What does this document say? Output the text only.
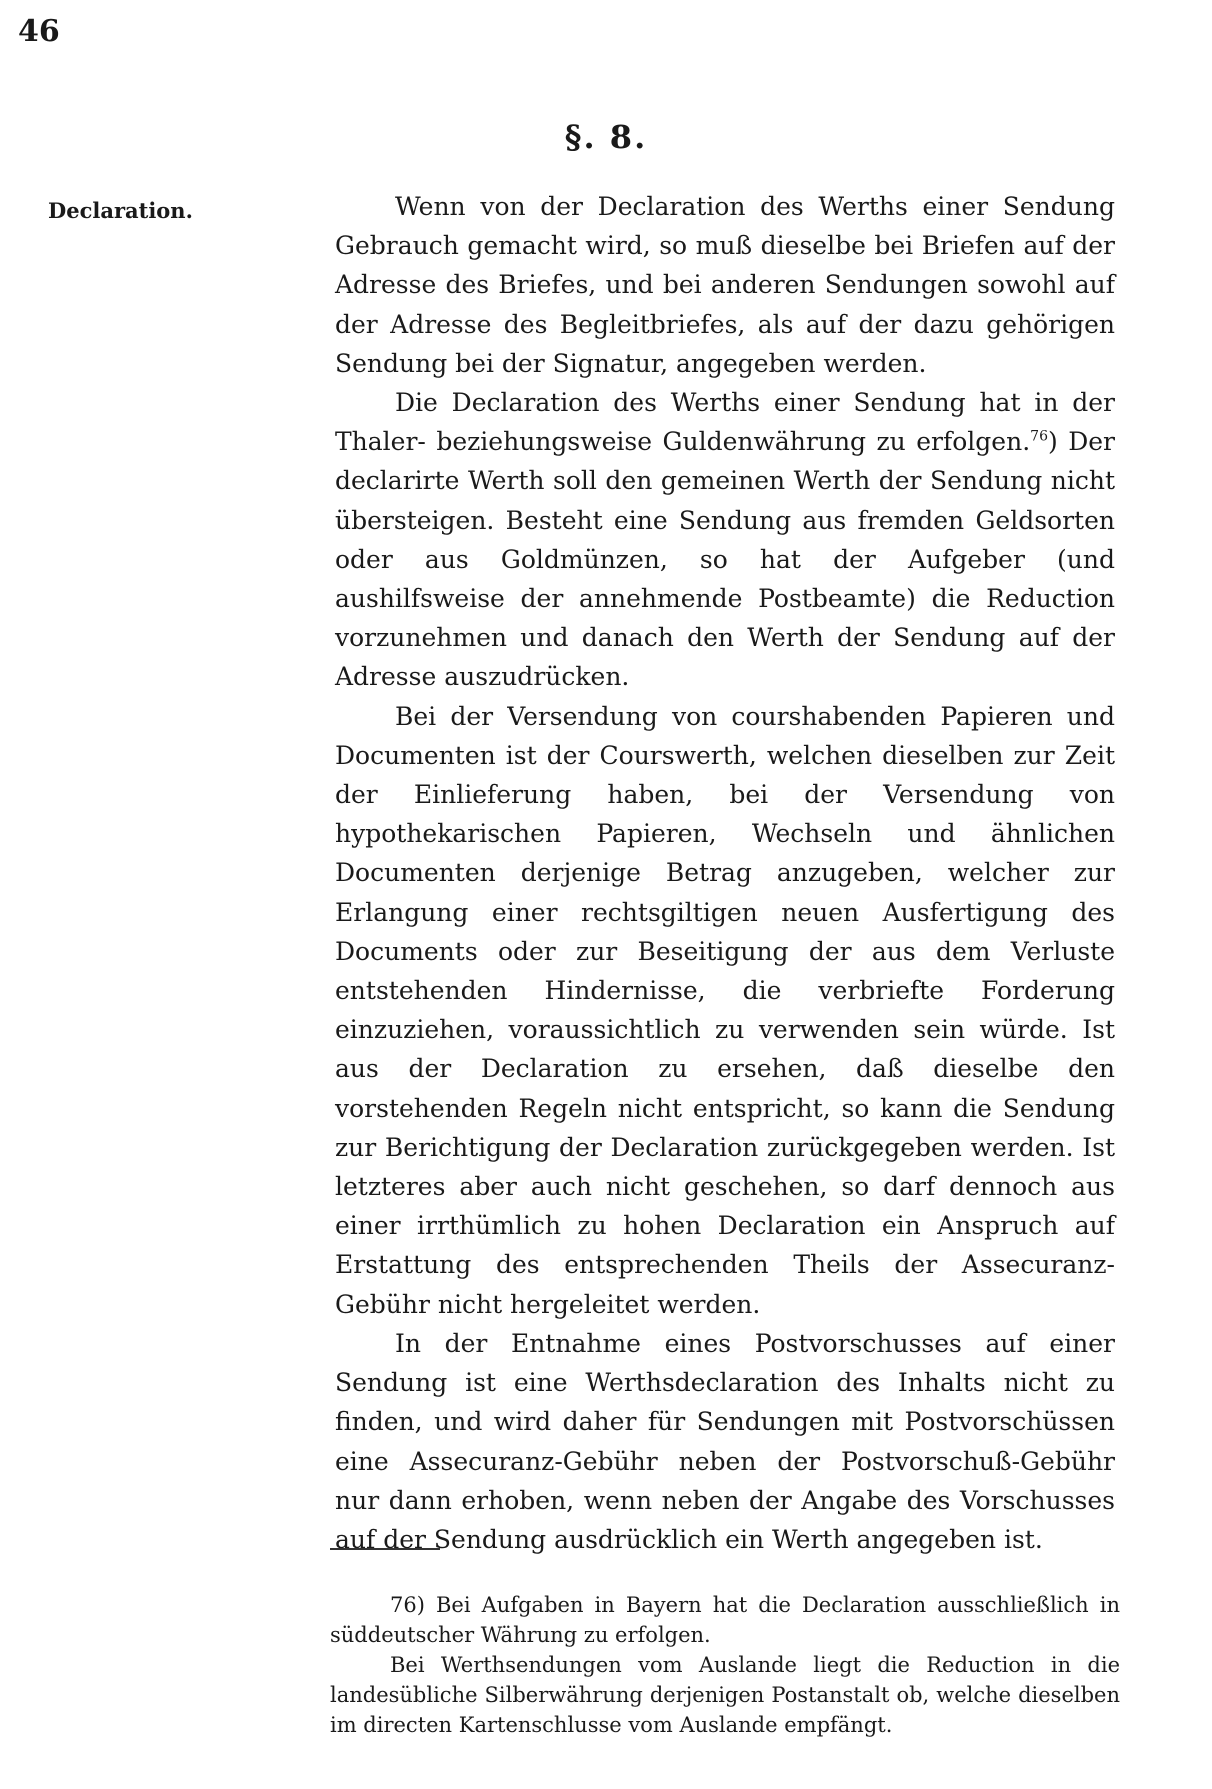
46
§. 8.
Declaration.	Wenn von der Declaration des Werths einer Sendung Gebrauch gemacht wird, so muß dieselbe bei Briefen auf der Adresse des Briefes, und bei anderen Sendungen sowohl auf der Adresse des Begleitbriefes, als auf der dazu gehörigen Sendung bei der Signatur, angegeben werden.

Die Declaration des Werths einer Sendung hat in der Thaler- beziehungsweise Guldenwährung zu erfolgen.$^{76}$) Der declarirte Werth soll den gemeinen Werth der Sendung nicht übersteigen. Besteht eine Sendung aus fremden Geldsorten oder aus Goldmünzen, so hat der Aufgeber (und aushilfsweise der annehmende Postbeamte) die Reduction vorzunehmen und danach den Werth der Sendung auf der Adresse auszudrücken.

Bei der Versendung von courshabenden Papieren und Documenten ist der Courswerth, welchen dieselben zur Zeit der Einlieferung haben, bei der Versendung von hypothekarischen Papieren, Wechseln und ähnlichen Documenten derjenige Betrag anzugeben, welcher zur Erlangung einer rechtsgiltigen neuen Ausfertigung des Documents oder zur Beseitigung der aus dem Verluste entstehenden Hindernisse, die verbriefte Forderung einzuziehen, voraussichtlich zu verwenden sein würde. Ist aus der Declaration zu ersehen, daß dieselbe den vorstehenden Regeln nicht entspricht, so kann die Sendung zur Berichtigung der Declaration zurückgegeben werden. Ist letzteres aber auch nicht geschehen, so darf dennoch aus einer irrthümlich zu hohen Declaration ein Anspruch auf Erstattung des entsprechenden Theils der Assecuranz-Gebühr nicht hergeleitet werden.

In der Entnahme eines Postvorschusses auf einer Sendung ist eine Werthsdeclaration des Inhalts nicht zu finden, und wird daher für Sendungen mit Postvorschüssen eine Assecuranz-Gebühr neben der Postvorschuß-Gebühr nur dann erhoben, wenn neben der Angabe des Vorschusses auf der Sendung ausdrücklich ein Werth angegeben ist.

76) Bei Aufgaben in Bayern hat die Declaration ausschließlich in süddeutscher Währung zu erfolgen.

Bei Werthsendungen vom Auslande liegt die Reduction in die landesübliche Silberwährung derjenigen Postanstalt ob, welche dieselben im directen Kartenschlusse vom Auslande empfängt.
